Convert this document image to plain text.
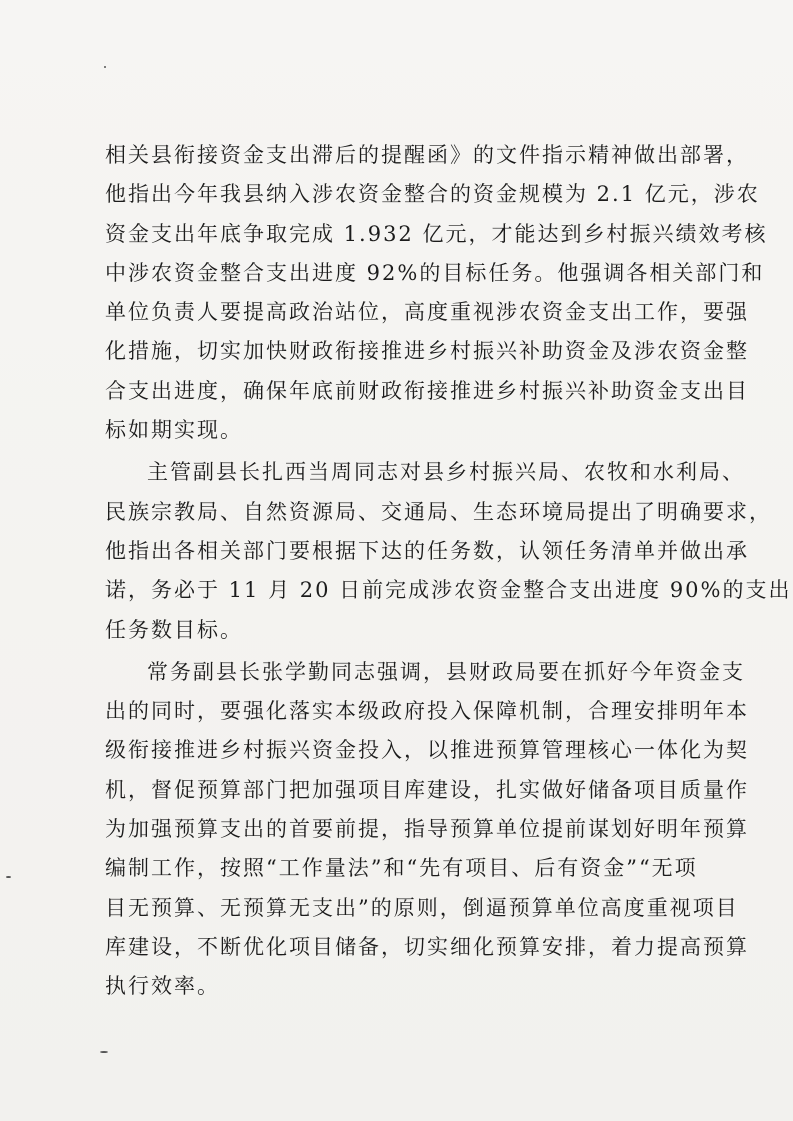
相关县衔接资金支出滞后的提醒函》的文件指示精神做出部署，
他指出今年我县纳入涉农资金整合的资金规模为 2.1 亿元，涉农
资金支出年底争取完成 1.932 亿元，才能达到乡村振兴绩效考核
中涉农资金整合支出进度 92%的目标任务。他强调各相关部门和
单位负责人要提高政治站位，高度重视涉农资金支出工作，要强
化措施，切实加快财政衔接推进乡村振兴补助资金及涉农资金整
合支出进度，确保年底前财政衔接推进乡村振兴补助资金支出目
标如期实现。
主管副县长扎西当周同志对县乡村振兴局、农牧和水利局、
民族宗教局、自然资源局、交通局、生态环境局提出了明确要求，
他指出各相关部门要根据下达的任务数，认领任务清单并做出承
诺，务必于 11 月 20 日前完成涉农资金整合支出进度 90%的支出
任务数目标。
常务副县长张学勤同志强调，县财政局要在抓好今年资金支
出的同时，要强化落实本级政府投入保障机制，合理安排明年本
级衔接推进乡村振兴资金投入，以推进预算管理核心一体化为契
机，督促预算部门把加强项目库建设，扎实做好储备项目质量作
为加强预算支出的首要前提，指导预算单位提前谋划好明年预算
编制工作，按照“工作量法”和“先有项目、后有资金”“无项
目无预算、无预算无支出”的原则，倒逼预算单位高度重视项目
库建设，不断优化项目储备，切实细化预算安排，着力提高预算
执行效率。
